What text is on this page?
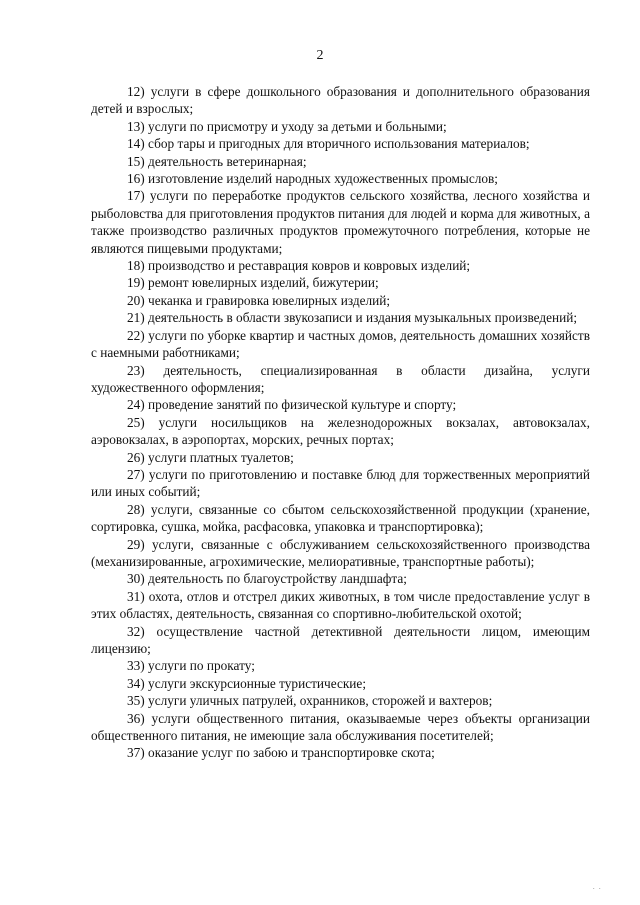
2

12) услуги в сфере дошкольного образования и дополнительного образования детей и взрослых;

13) услуги по присмотру и уходу за детьми и больными;

14) сбор тары и пригодных для вторичного использования материалов;

15) деятельность ветеринарная;

16) изготовление изделий народных художественных промыслов;

17) услуги по переработке продуктов сельского хозяйства, лесного хозяйства и рыболовства для приготовления продуктов питания для людей и корма для животных, а также производство различных продуктов промежуточного потребления, которые не являются пищевыми продуктами;

18) производство и реставрация ковров и ковровых изделий;

19) ремонт ювелирных изделий, бижутерии;

20) чеканка и гравировка ювелирных изделий;

21) деятельность в области звукозаписи и издания музыкальных произведений;

22) услуги по уборке квартир и частных домов, деятельность домашних хозяйств с наемными работниками;

23) деятельность, специализированная в области дизайна, услуги художественного оформления;

24) проведение занятий по физической культуре и спорту;

25) услуги носильщиков на железнодорожных вокзалах, автовокзалах, аэровокзалах, в аэропортах, морских, речных портах;

26) услуги платных туалетов;

27) услуги по приготовлению и поставке блюд для торжественных мероприятий или иных событий;

28) услуги, связанные со сбытом сельскохозяйственной продукции (хранение, сортировка, сушка, мойка, расфасовка, упаковка и транспортировка);

29) услуги, связанные с обслуживанием сельскохозяйственного производства (механизированные, агрохимические, мелиоративные, транспортные работы);

30) деятельность по благоустройству ландшафта;

31) охота, отлов и отстрел диких животных, в том числе предоставление услуг в этих областях, деятельность, связанная со спортивно-любительской охотой;

32) осуществление частной детективной деятельности лицом, имеющим лицензию;

33) услуги по прокату;

34) услуги экскурсионные туристические;

35) услуги уличных патрулей, охранников, сторожей и вахтеров;

36) услуги общественного питания, оказываемые через объекты организации общественного питания, не имеющие зала обслуживания посетителей;

37) оказание услуг по забою и транспортировке скота;

· ·
